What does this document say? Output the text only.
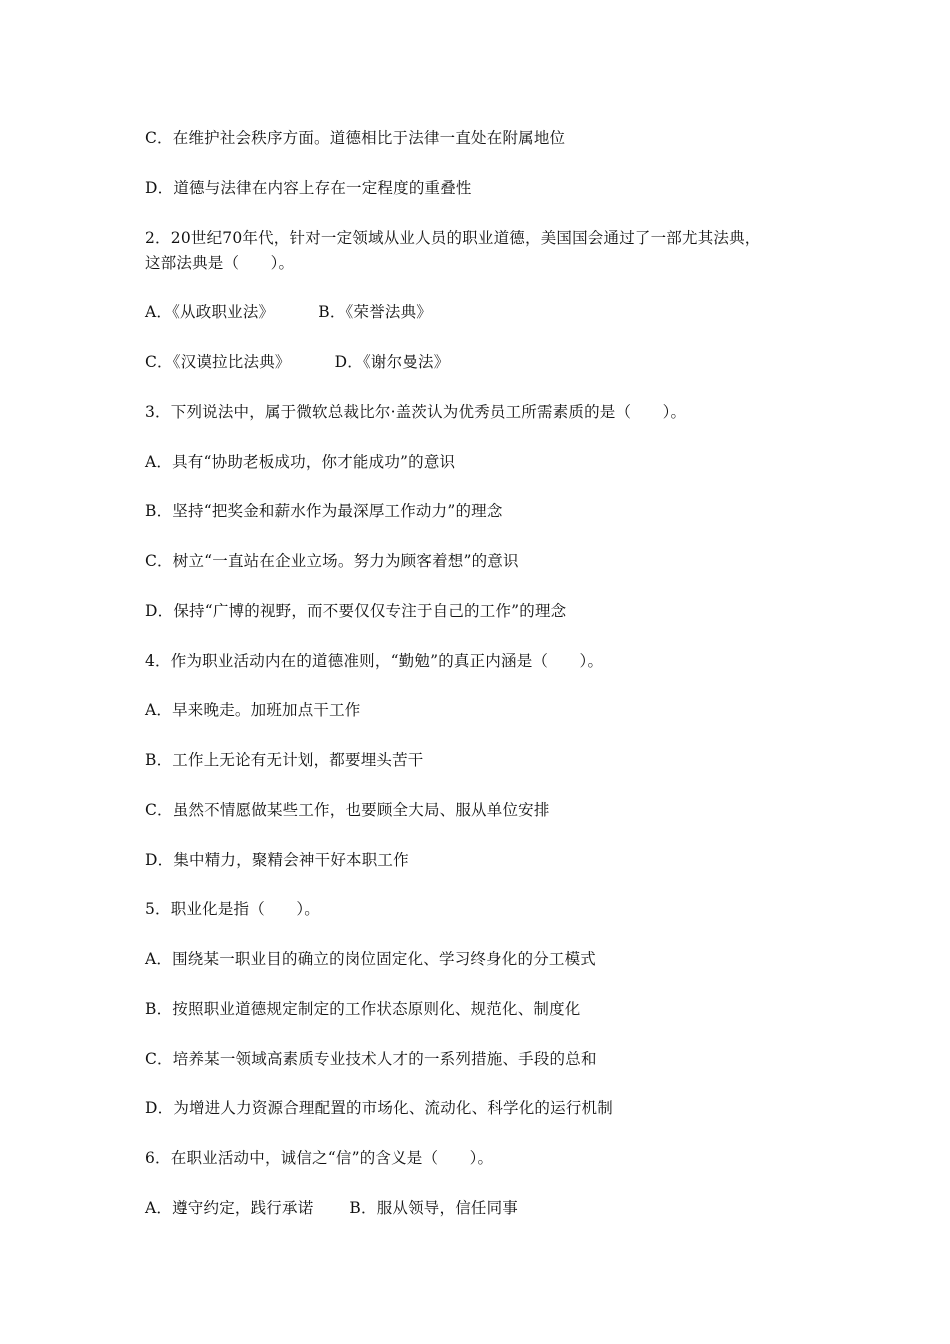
C．在维护社会秩序方面。道德相比于法律一直处在附属地位
D．道德与法律在内容上存在一定程度的重叠性
2．20世纪70年代，针对一定领域从业人员的职业道德，美国国会通过了一部尤其法典，
这部法典是（　　）。
A．《从政职业法》	B．《荣誉法典》
C．《汉谟拉比法典》	D．《谢尔曼法》
3．下列说法中，属于微软总裁比尔·盖茨认为优秀员工所需素质的是（　　）。
A．具有“协助老板成功，你才能成功”的意识
B．坚持“把奖金和薪水作为最深厚工作动力”的理念
C．树立“一直站在企业立场。努力为顾客着想”的意识
D．保持“广博的视野，而不要仅仅专注于自己的工作”的理念
4．作为职业活动内在的道德准则，“勤勉”的真正内涵是（　　）。
A．早来晚走。加班加点干工作
B．工作上无论有无计划，都要埋头苦干
C．虽然不情愿做某些工作，也要顾全大局、服从单位安排
D．集中精力，聚精会神干好本职工作
5．职业化是指（　　）。
A．围绕某一职业目的确立的岗位固定化、学习终身化的分工模式
B．按照职业道德规定制定的工作状态原则化、规范化、制度化
C．培养某一领域高素质专业技术人才的一系列措施、手段的总和
D．为增进人力资源合理配置的市场化、流动化、科学化的运行机制
6．在职业活动中，诚信之“信”的含义是（　　）。
A．遵守约定，践行承诺 B．服从领导，信任同事
